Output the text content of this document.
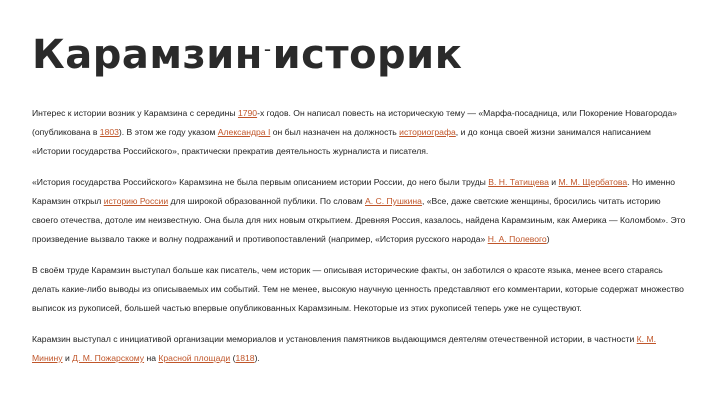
Карамзин-историк

Интерес к истории возник у Карамзина с середины 1790-х годов. Он написал повесть на историческую тему — «Марфа-посадница, или Покорение Новагорода» (опубликована в 1803). В этом же году указом Александра I он был назначен на должность историографа, и до конца своей жизни занимался написанием «Истории государства Российского», практически прекратив деятельность журналиста и писателя.

«История государства Российского» Карамзина не была первым описанием истории России, до него были труды В. Н. Татищева и М. М. Щербатова. Но именно Карамзин открыл историю России для широкой образованной публики. По словам А. С. Пушкина, «Все, даже светские женщины, бросились читать историю своего отечества, дотоле им неизвестную. Она была для них новым открытием. Древняя Россия, казалось, найдена Карамзиным, как Америка — Коломбом». Это произведение вызвало также и волну подражаний и противопоставлений (например, «История русского народа» Н. А. Полевого)

В своём труде Карамзин выступал больше как писатель, чем историк — описывая исторические факты, он заботился о красоте языка, менее всего стараясь делать какие-либо выводы из описываемых им событий. Тем не менее, высокую научную ценность представляют его комментарии, которые содержат множество выписок из рукописей, большей частью впервые опубликованных Карамзиным. Некоторые из этих рукописей теперь уже не существуют.

Карамзин выступал с инициативой организации мемориалов и установления памятников выдающимся деятелям отечественной истории, в частности К. М. Минину и Д. М. Пожарскому на Красной площади (1818).
